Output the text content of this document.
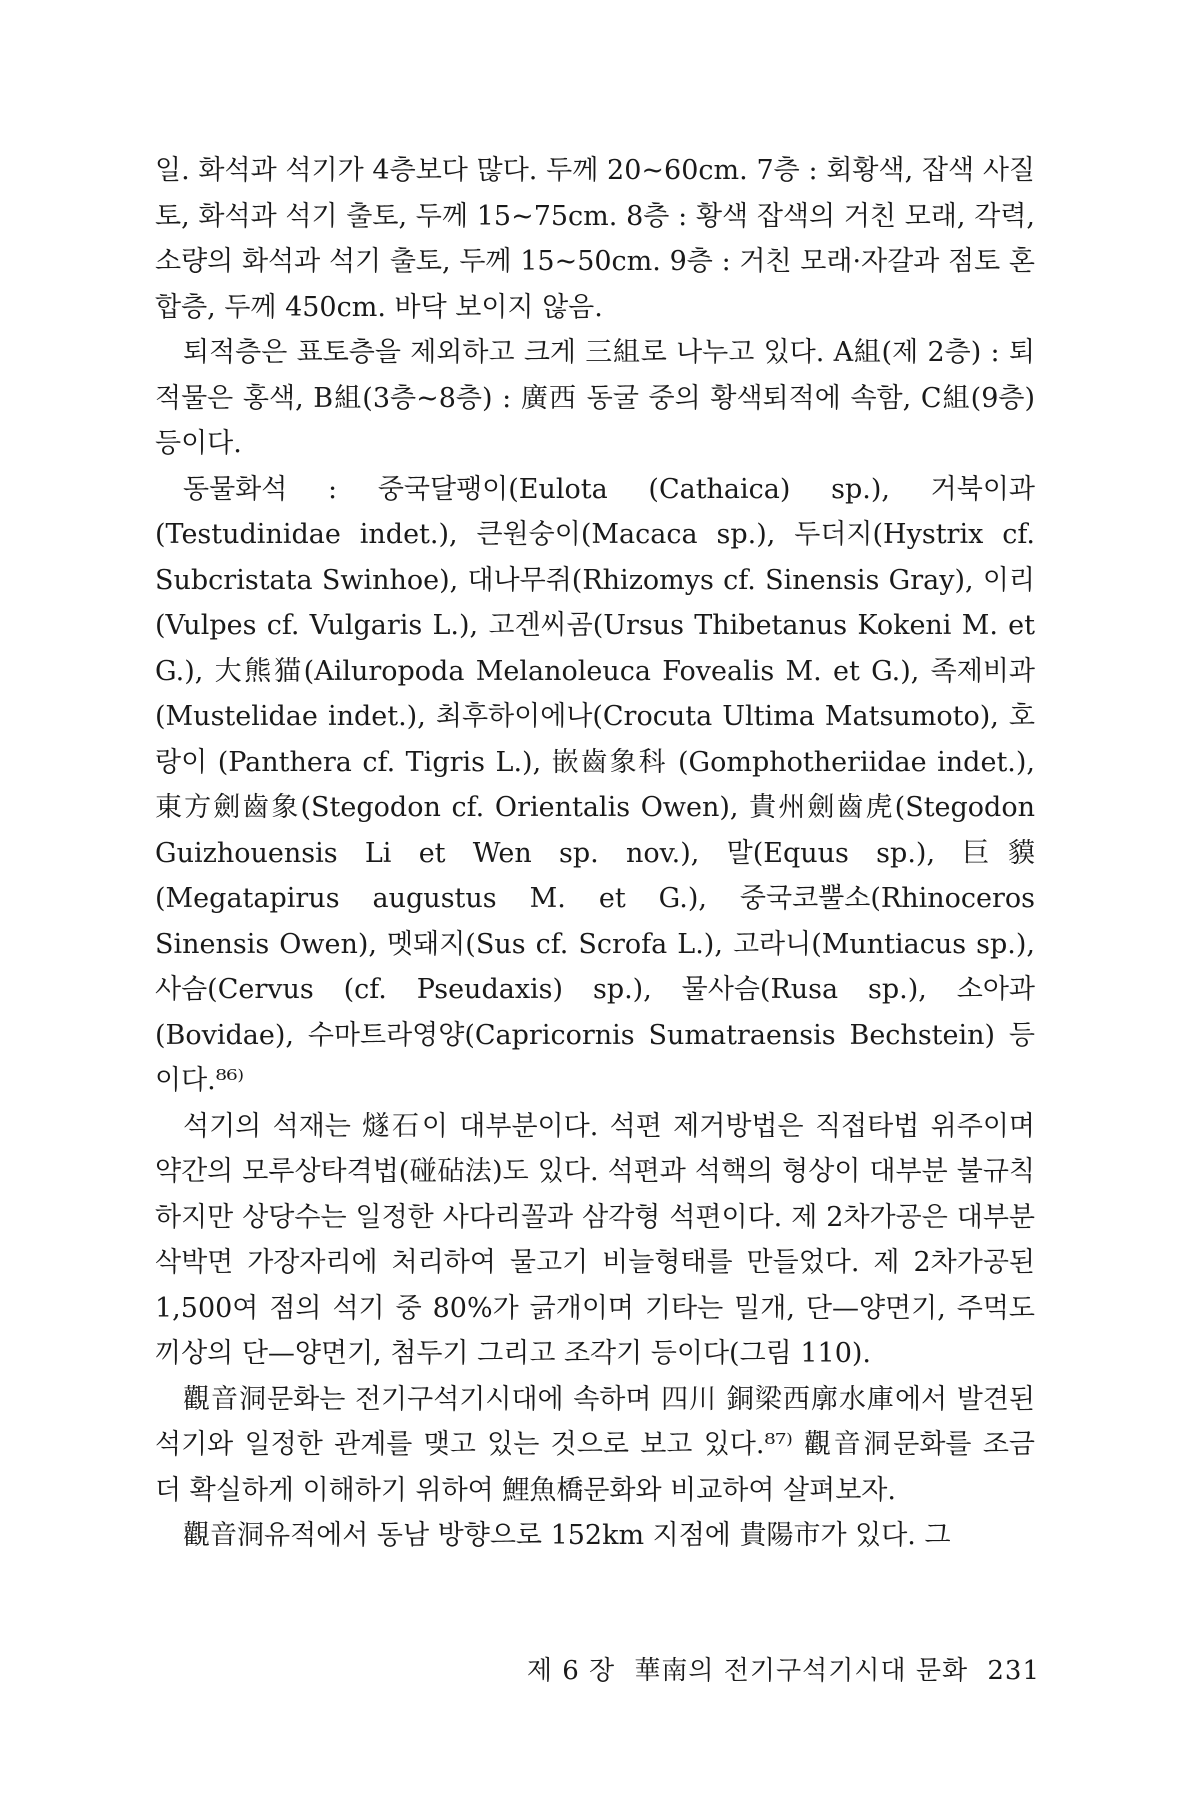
일. 화석과 석기가 4층보다 많다. 두께 20~60cm. 7층 : 회황색, 잡색 사질토, 화석과 석기 출토, 두께 15~75cm. 8층 : 황색 잡색의 거친 모래, 각력, 소량의 화석과 석기 출토, 두께 15~50cm. 9층 : 거친 모래·자갈과 점토 혼합층, 두께 450cm. 바닥 보이지 않음.

퇴적층은 표토층을 제외하고 크게 三組로 나누고 있다. A組(제 2층) : 퇴적물은 홍색, B組(3층~8층) : 廣西 동굴 중의 황색퇴적에 속함, C組(9층) 등이다.

동물화석 : 중국달팽이(Eulota (Cathaica) sp.), 거북이과(Testudinidae indet.), 큰원숭이(Macaca sp.), 두더지(Hystrix cf. Subcristata Swinhoe), 대나무쥐(Rhizomys cf. Sinensis Gray), 이리(Vulpes cf. Vulgaris L.), 고겐씨곰(Ursus Thibetanus Kokeni M. et G.), 大熊猫(Ailuropoda Melanoleuca Fovealis M. et G.), 족제비과(Mustelidae indet.), 최후하이에나(Crocuta Ultima Matsumoto), 호랑이 (Panthera cf. Tigris L.), 嵌齒象科 (Gomphotheriidae indet.), 東方劍齒象(Stegodon cf. Orientalis Owen), 貴州劍齒虎(Stegodon Guizhouensis Li et Wen sp. nov.), 말(Equus sp.), 巨貘(Megatapirus augustus M. et G.), 중국코뿔소(Rhinoceros Sinensis Owen), 멧돼지(Sus cf. Scrofa L.), 고라니(Muntiacus sp.), 사슴(Cervus (cf. Pseudaxis) sp.), 물사슴(Rusa sp.), 소아과(Bovidae), 수마트라영양(Capricornis Sumatraensis Bechstein) 등이다.⁸⁶⁾

석기의 석재는 燧石이 대부분이다. 석편 제거방법은 직접타법 위주이며 약간의 모루상타격법(碰砧法)도 있다. 석편과 석핵의 형상이 대부분 불규칙하지만 상당수는 일정한 사다리꼴과 삼각형 석편이다. 제 2차가공은 대부분 삭박면 가장자리에 처리하여 물고기 비늘형태를 만들었다. 제 2차가공된 1,500여 점의 석기 중 80%가 긁개이며 기타는 밀개, 단—양면기, 주먹도끼상의 단—양면기, 첨두기 그리고 조각기 등이다(그림 110).

觀音洞문화는 전기구석기시대에 속하며 四川 銅梁西廓水庫에서 발견된 석기와 일정한 관계를 맺고 있는 것으로 보고 있다.⁸⁷⁾ 觀音洞문화를 조금 더 확실하게 이해하기 위하여 鯉魚橋문화와 비교하여 살펴보자.

觀音洞유적에서 동남 방향으로 152km 지점에 貴陽市가 있다. 그

제 6 장 華南의 전기구석기시대 문화 231
